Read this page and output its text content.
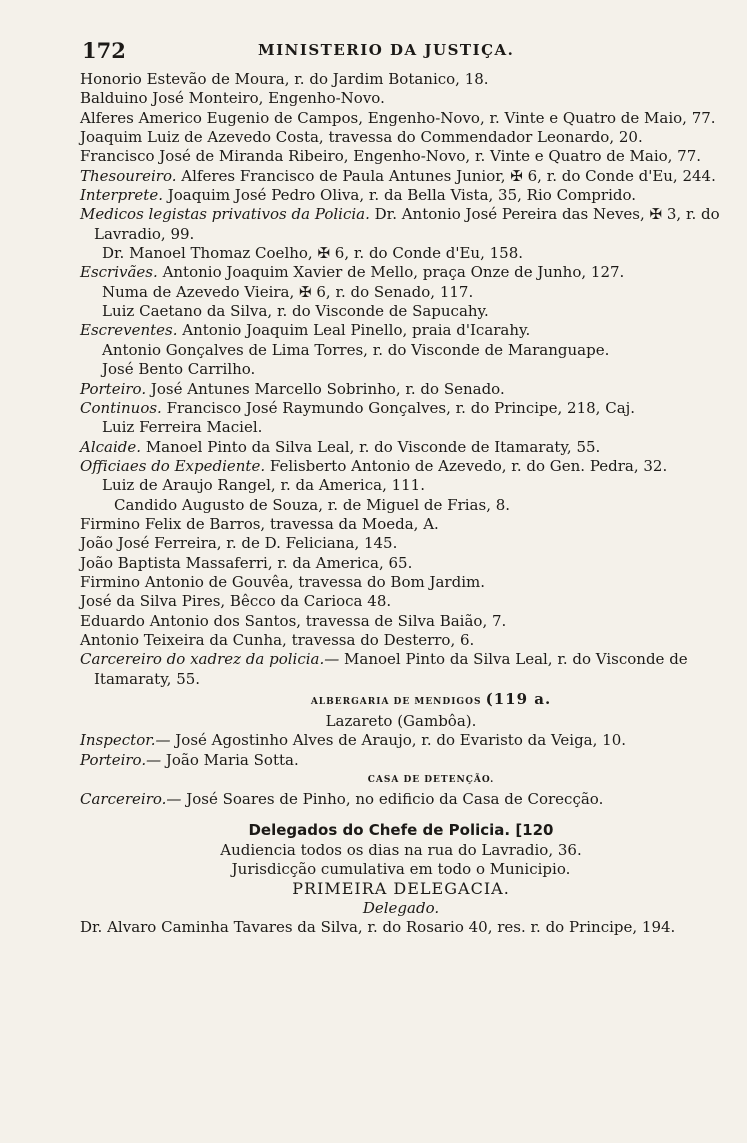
172	MINISTERIO DA JUSTIÇA.
Honorio Estevão de Moura, r. do Jardim Botanico, 18.
Balduino José Monteiro, Engenho-Novo.
Alferes Americo Eugenio de Campos, Engenho-Novo, r. Vinte e Quatro de Maio, 77.
Joaquim Luiz de Azevedo Costa, travessa do Commendador Leonardo, 20.
Francisco José de Miranda Ribeiro, Engenho-Novo, r. Vinte e Quatro de Maio, 77.
Thesoureiro. Alferes Francisco de Paula Antunes Junior, ✠ 6, r. do Conde d'Eu, 244.
Interprete. Joaquim José Pedro Oliva, r. da Bella Vista, 35, Rio Comprido.
Medicos legistas privativos da Policia. Dr. Antonio José Pereira das Neves, ✠ 3, r. do Lavradio, 99.
Dr. Manoel Thomaz Coelho, ✠ 6, r. do Conde d'Eu, 158.
Escrivães. Antonio Joaquim Xavier de Mello, praça Onze de Junho, 127.
Numa de Azevedo Vieira, ✠ 6, r. do Senado, 117.
Luiz Caetano da Silva, r. do Visconde de Sapucahy.
Escreventes. Antonio Joaquim Leal Pinello, praia d'Icarahy.
Antonio Gonçalves de Lima Torres, r. do Visconde de Maranguape.
José Bento Carrilho.
Porteiro. José Antunes Marcello Sobrinho, r. do Senado.
Continuos. Francisco José Raymundo Gonçalves, r. do Principe, 218, Caj.
Luiz Ferreira Maciel.
Alcaide. Manoel Pinto da Silva Leal, r. do Visconde de Itamaraty, 55.
Officiaes do Expediente. Felisberto Antonio de Azevedo, r. do Gen. Pedra, 32.
Luiz de Araujo Rangel, r. da America, 111.
Candido Augusto de Souza, r. de Miguel de Frias, 8.
Firmino Felix de Barros, travessa da Moeda, A.
João José Ferreira, r. de D. Feliciana, 145.
João Baptista Massaferri, r. da America, 65.
Firmino Antonio de Gouvêa, travessa do Bom Jardim.
José da Silva Pires, Bêcco da Carioca 48.
Eduardo Antonio dos Santos, travessa de Silva Baião, 7.
Antonio Teixeira da Cunha, travessa do Desterro, 6.
Carcereiro do xadrez da policia.— Manoel Pinto da Silva Leal, r. do Visconde de Itamaraty, 55.
ALBERGARIA DE MENDIGOS (119 a.
Lazareto (Gambôa).
Inspector.— José Agostinho Alves de Araujo, r. do Evaristo da Veiga, 10.
Porteiro.— João Maria Sotta.
CASA DE DETENÇÃO.
Carcereiro.— José Soares de Pinho, no edificio da Casa de Corecção.
Delegados do Chefe de Policia. [120
Audiencia todos os dias na rua do Lavradio, 36.
Jurisdicção cumulativa em todo o Municipio.
PRIMEIRA DELEGACIA.
Delegado.
Dr. Alvaro Caminha Tavares da Silva, r. do Rosario 40, res. r. do Principe, 194.
